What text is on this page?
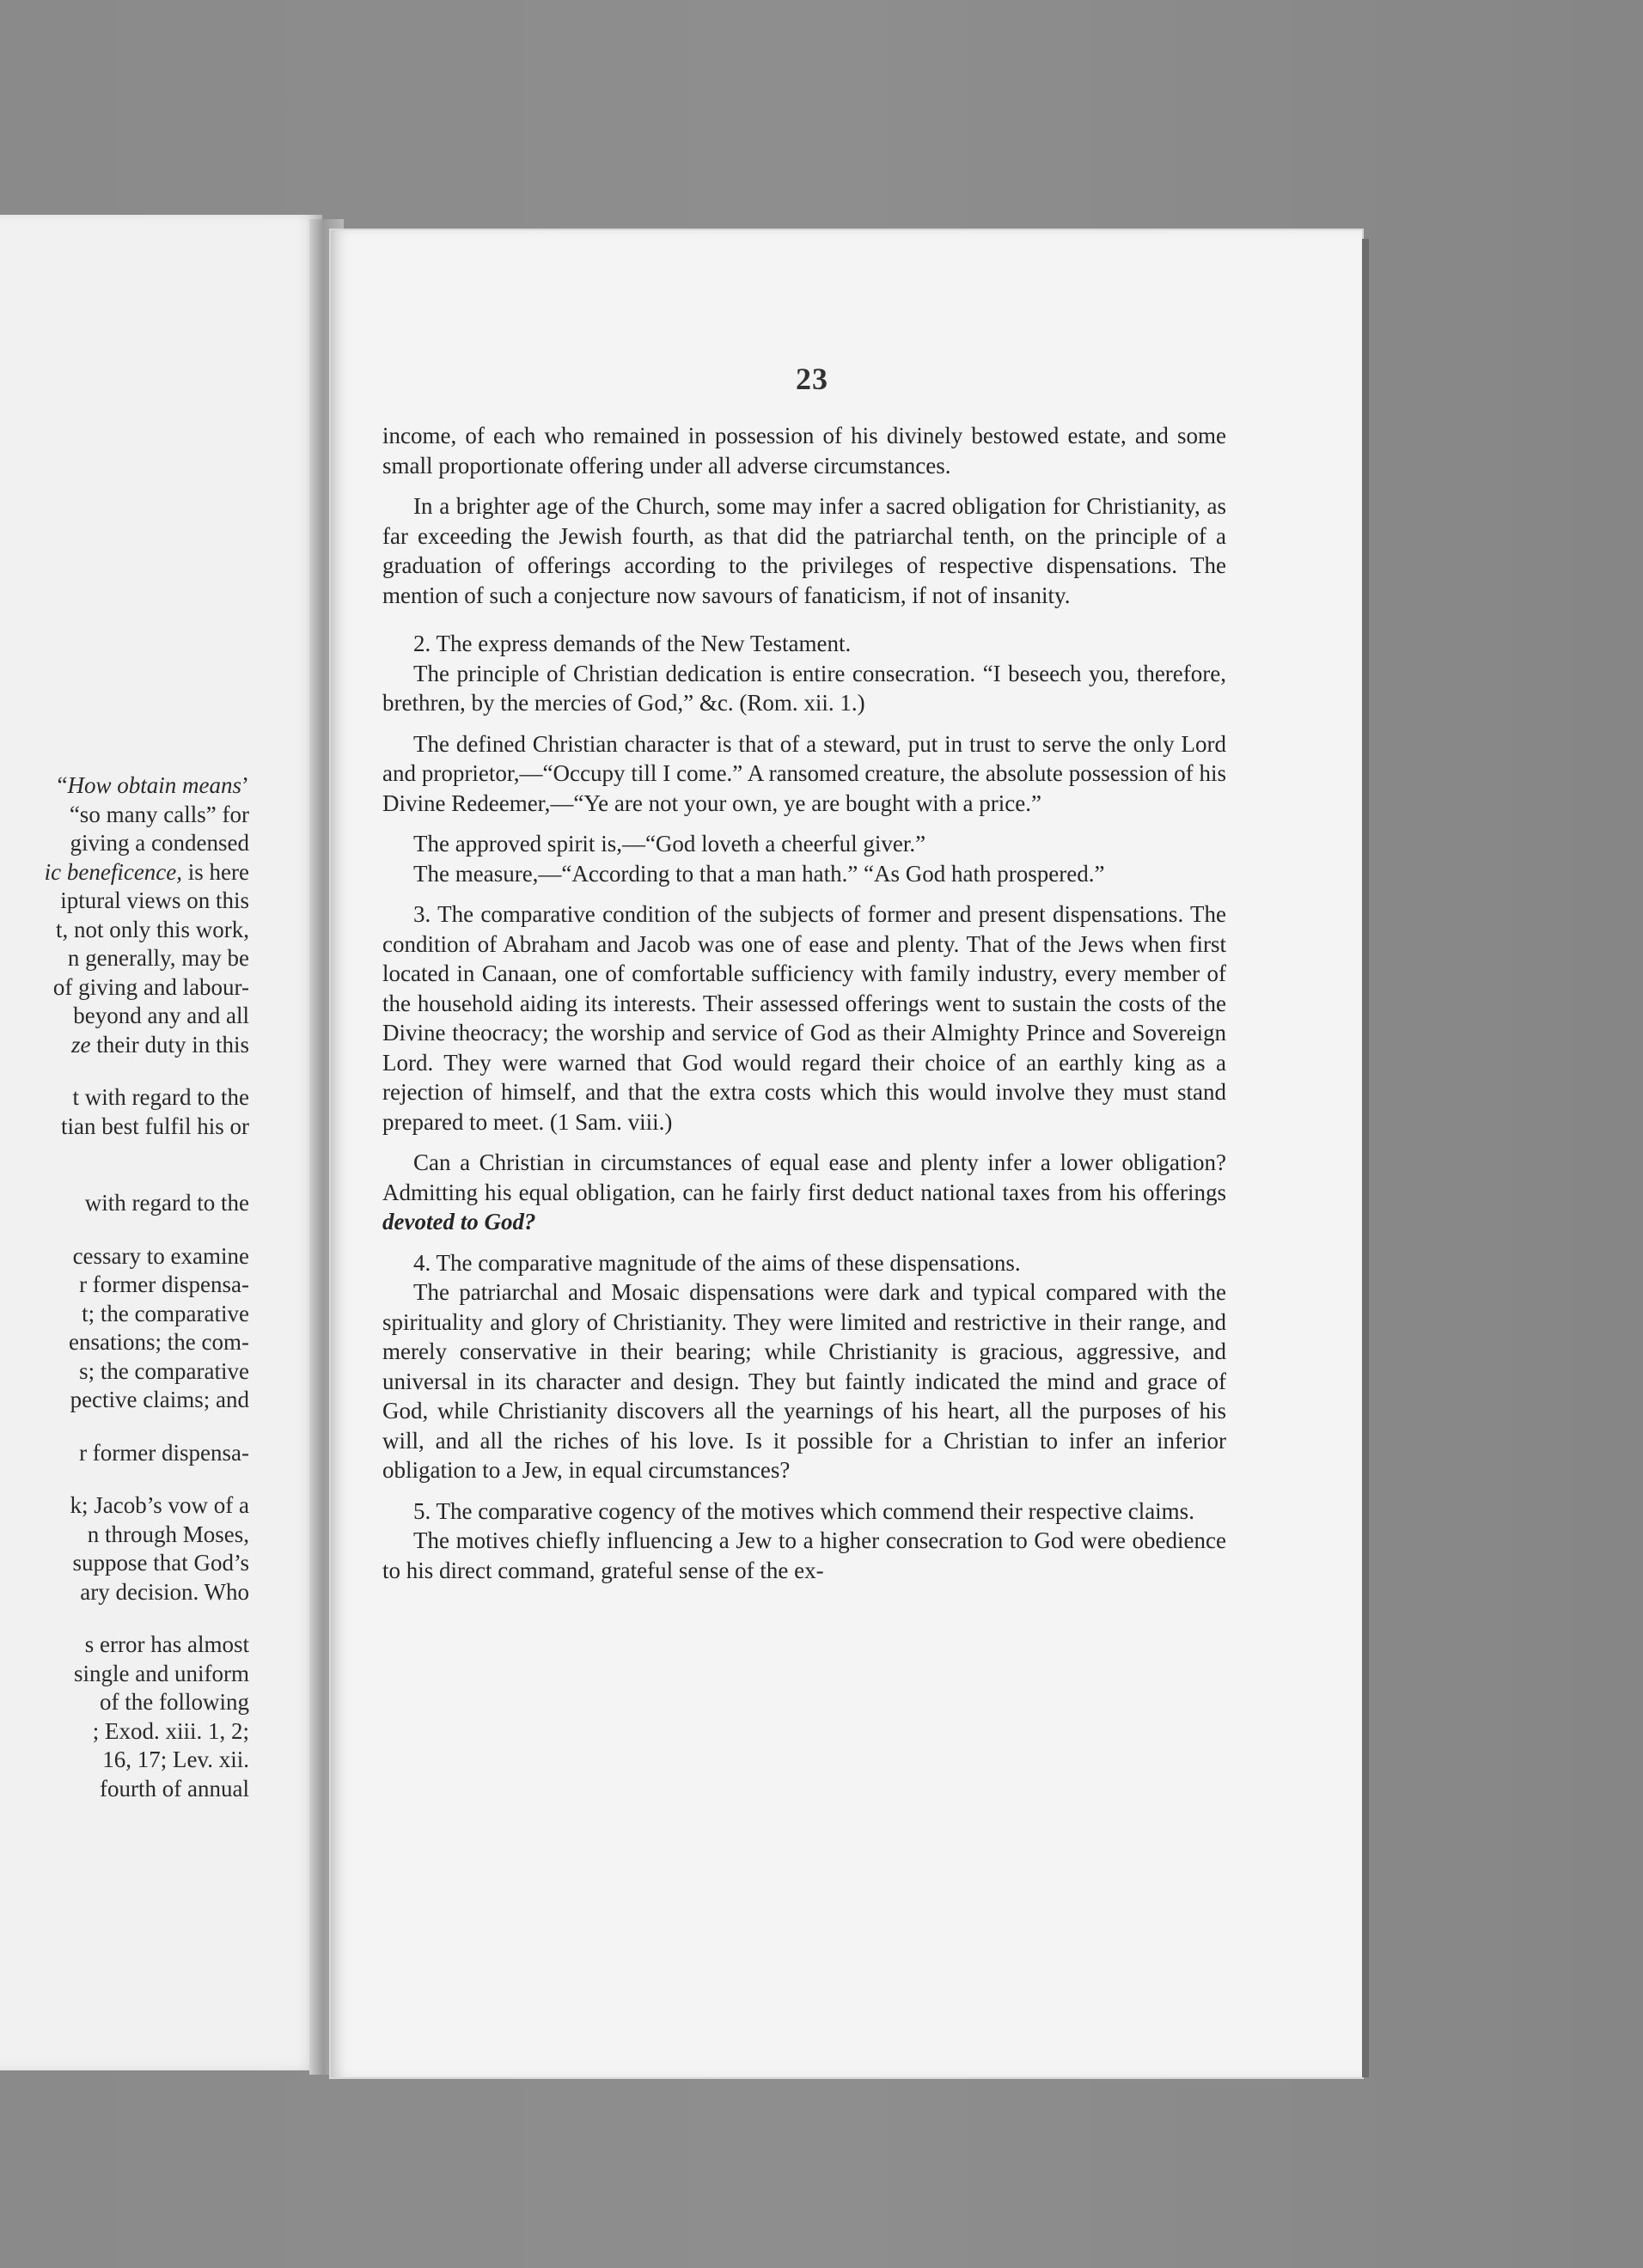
“How obtain means’
“so many calls” for
giving a condensed
ic beneficence, is here
iptural views on this
t, not only this work,
n generally, may be
of giving and labour-
beyond any and all
ze their duty in this
t with regard to the
tian best fulfil his or
with regard to the
cessary to examine
r former dispensa-
t; the comparative
ensations; the com-
s; the comparative
pective claims; and
r former dispensa-
k; Jacob’s vow of a
n through Moses,
suppose that God’s
ary decision. Who
s error has almost
single and uniform
of the following
; Exod. xiii. 1, 2;
16, 17; Lev. xii.
fourth of annual
23

income, of each who remained in possession of his divinely bestowed estate, and some small proportionate offering under all adverse circumstances.

In a brighter age of the Church, some may infer a sacred obligation for Christianity, as far exceeding the Jewish fourth, as that did the patriarchal tenth, on the principle of a graduation of offerings according to the privileges of respective dispensations. The mention of such a conjecture now savours of fanaticism, if not of insanity.

2. The express demands of the New Testament.

The principle of Christian dedication is entire consecration. “I beseech you, therefore, brethren, by the mercies of God,” &c. (Rom. xii. 1.)

The defined Christian character is that of a steward, put in trust to serve the only Lord and proprietor,—“Occupy till I come.” A ransomed creature, the absolute possession of his Divine Redeemer,—“Ye are not your own, ye are bought with a price.”

The approved spirit is,—“God loveth a cheerful giver.”

The measure,—“According to that a man hath.” “As God hath prospered.”

3. The comparative condition of the subjects of former and present dispensations. The condition of Abraham and Jacob was one of ease and plenty. That of the Jews when first located in Canaan, one of comfortable sufficiency with family industry, every member of the household aiding its interests. Their assessed offerings went to sustain the costs of the Divine theocracy; the worship and service of God as their Almighty Prince and Sovereign Lord. They were warned that God would regard their choice of an earthly king as a rejection of himself, and that the extra costs which this would involve they must stand prepared to meet. (1 Sam. viii.)

Can a Christian in circumstances of equal ease and plenty infer a lower obligation? Admitting his equal obligation, can he fairly first deduct national taxes from his offerings devoted to God?

4. The comparative magnitude of the aims of these dispensations.

The patriarchal and Mosaic dispensations were dark and typical compared with the spirituality and glory of Christianity. They were limited and restrictive in their range, and merely conservative in their bearing; while Christianity is gracious, aggressive, and universal in its character and design. They but faintly indicated the mind and grace of God, while Christianity discovers all the yearnings of his heart, all the purposes of his will, and all the riches of his love. Is it possible for a Christian to infer an inferior obligation to a Jew, in equal circumstances?

5. The comparative cogency of the motives which commend their respective claims.

The motives chiefly influencing a Jew to a higher consecration to God were obedience to his direct command, grateful sense of the ex-
